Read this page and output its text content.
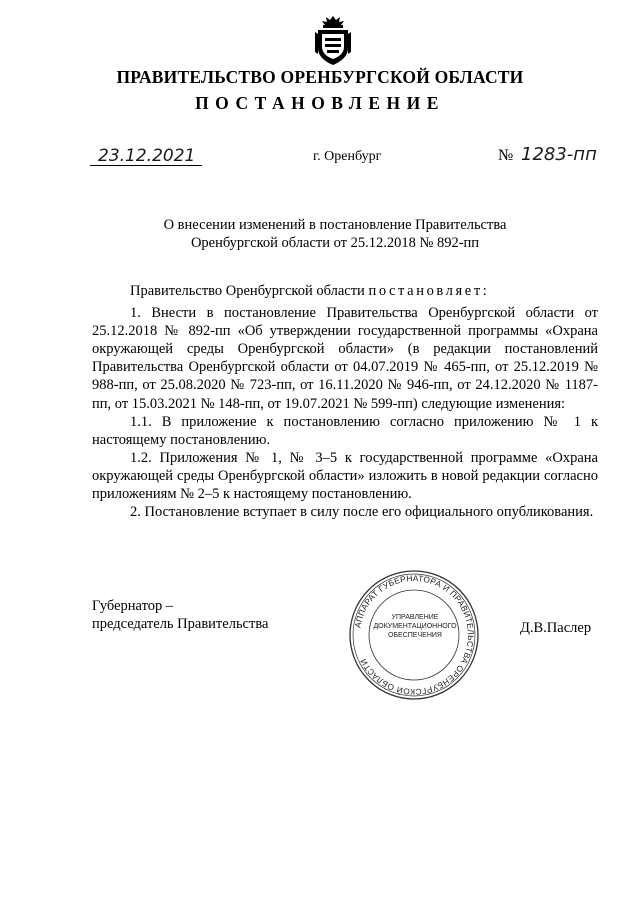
ПРАВИТЕЛЬСТВО ОРЕНБУРГСКОЙ ОБЛАСТИ
ПОСТАНОВЛЕНИЕ
23.12.2021	г. Оренбург	№ 1283-пп
О внесении изменений в постановление Правительства
Оренбургской области от 25.12.2018 № 892-пп

Правительство Оренбургской области постановляет:

1. Внести в постановление Правительства Оренбургской области от 25.12.2018 № 892-пп «Об утверждении государственной программы «Охрана окружающей среды Оренбургской области» (в редакции постановлений Правительства Оренбургской области от 04.07.2019 № 465-пп, от 25.12.2019 № 988-пп, от 25.08.2020 № 723-пп, от 16.11.2020 № 946-пп, от 24.12.2020 № 1187-пп, от 15.03.2021 № 148-пп, от 19.07.2021 № 599-пп) следующие изменения:

1.1. В приложение к постановлению согласно приложению № 1 к настоящему постановлению.

1.2. Приложения № 1, № 3–5 к государственной программе «Охрана окружающей среды Оренбургской области» изложить в новой редакции согласно приложениям № 2–5 к настоящему постановлению.

2. Постановление вступает в силу после его официального опубликования.

Губернатор –
председатель Правительства	Д.В.Паслер
АППАРАТ ГУБЕРНАТОРА И ПРАВИТЕЛЬСТВА ОРЕНБУРГСКОЙ ОБЛАСТИ
УПРАВЛЕНИЕ
ДОКУМЕНТАЦИОННОГО
ОБЕСПЕЧЕНИЯ
